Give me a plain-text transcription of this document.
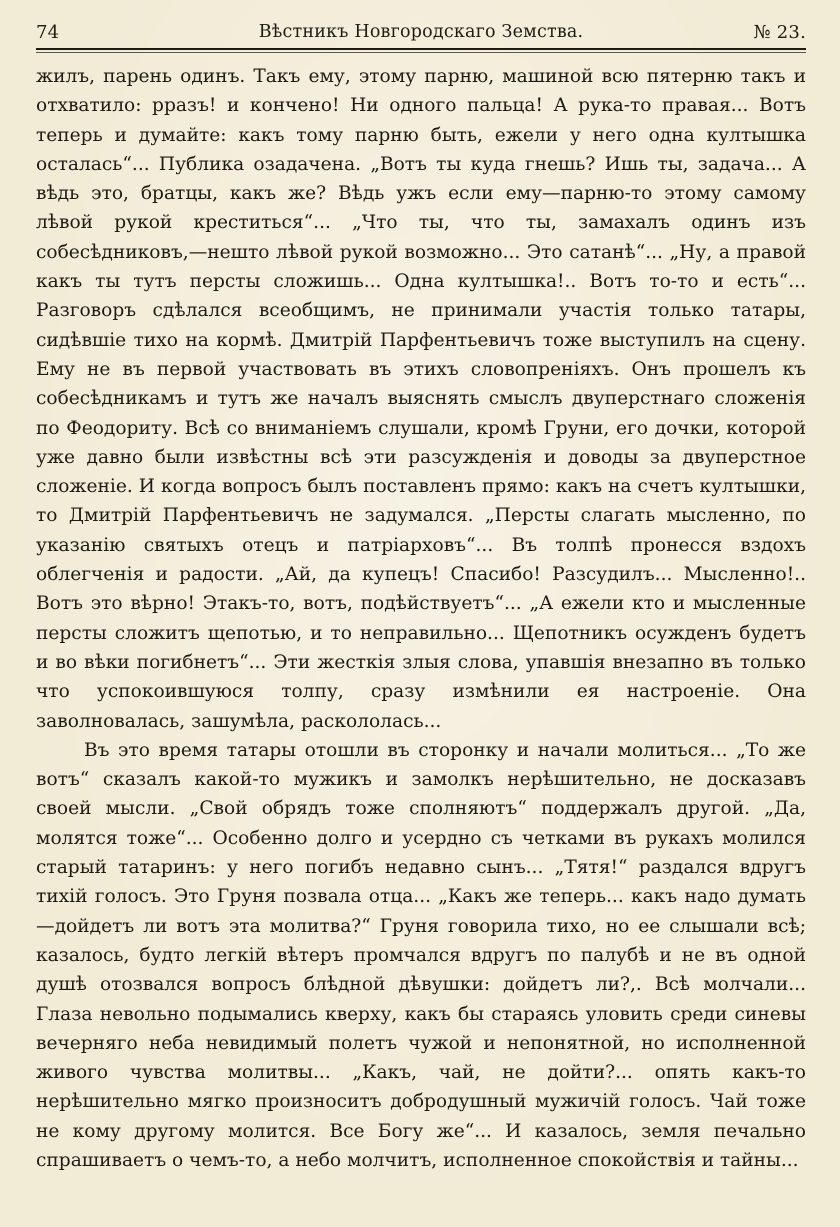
74	Вѣстникъ Новгородскаго Земства.	№ 23.

жилъ, парень одинъ. Такъ ему, этому парню, машиной всю пятерню такъ и отхватило: рразъ! и кончено! Ни одного пальца! А рука-то правая... Вотъ теперь и думайте: какъ тому парню быть, ежели у него одна култышка осталась“... Публика озадачена. „Вотъ ты куда гнешь? Ишь ты, задача... А вѣдь это, братцы, какъ же? Вѣдь ужъ если ему—парню-то этому самому лѣвой рукой креститься“... „Что ты, что ты, замахалъ одинъ изъ собесѣдниковъ,—нешто лѣвой рукой возможно... Это сатанѣ“... „Ну, а правой какъ ты тутъ персты сложишь... Одна култышка!.. Вотъ то-то и есть“... Разговоръ сдѣлался всеобщимъ, не принимали участія только татары, сидѣвшіе тихо на кормѣ. Дмитрій Парфентьевичъ тоже выступилъ на сцену. Ему не въ первой участвовать въ этихъ словопреніяхъ. Онъ прошелъ къ собесѣдникамъ и тутъ же началъ выяснять смыслъ двуперстнаго сложенія по Феодориту. Всѣ со вниманіемъ слушали, кромѣ Груни, его дочки, которой уже давно были извѣстны всѣ эти разсужденія и доводы за двуперстное сложеніе. И когда вопросъ былъ поставленъ прямо: какъ на счетъ култышки, то Дмитрій Парфентьевичъ не задумался. „Персты слагать мысленно, по указанію святыхъ отецъ и патріарховъ“... Въ толпѣ пронесся вздохъ облегченія и радости. „Ай, да купецъ! Спасибо! Разсудилъ... Мысленно!.. Вотъ это вѣрно! Этакъ-то, вотъ, подѣйствуетъ“... „А ежели кто и мысленные персты сложитъ щепотью, и то неправильно... Щепотникъ осужденъ будетъ и во вѣки погибнетъ“... Эти жесткія злыя слова, упавшія внезапно въ только что успокоившуюся толпу, сразу измѣнили ея настроеніе. Она заволновалась, зашумѣла, раскололась...

Въ это время татары отошли въ сторонку и начали молиться... „То же вотъ“ сказалъ какой-то мужикъ и замолкъ нерѣшительно, не досказавъ своей мысли. „Свой обрядъ тоже сполняютъ“ поддержалъ другой. „Да, молятся тоже“... Особенно долго и усердно съ четками въ рукахъ молился старый татаринъ: у него погибъ недавно сынъ... „Тятя!“ раздался вдругъ тихій голосъ. Это Груня позвала отца... „Какъ же теперь... какъ надо думать—дойдетъ ли вотъ эта молитва?“ Груня говорила тихо, но ее слышали всѣ; казалось, будто легкій вѣтеръ промчался вдругъ по палубѣ и не въ одной душѣ отозвался вопросъ блѣдной дѣвушки: дойдетъ ли?,. Всѣ молчали... Глаза невольно подымались кверху, какъ бы стараясь уловить среди синевы вечерняго неба невидимый полетъ чужой и непонятной, но исполненной живого чувства молитвы... „Какъ, чай, не дойти?... опять какъ-то нерѣшительно мягко произноситъ добродушный мужичій голосъ. Чай тоже не кому другому молится. Все Богу же“... И казалось, земля печально спрашиваетъ о чемъ-то, а небо молчитъ, исполненное спокойствія и тайны...
